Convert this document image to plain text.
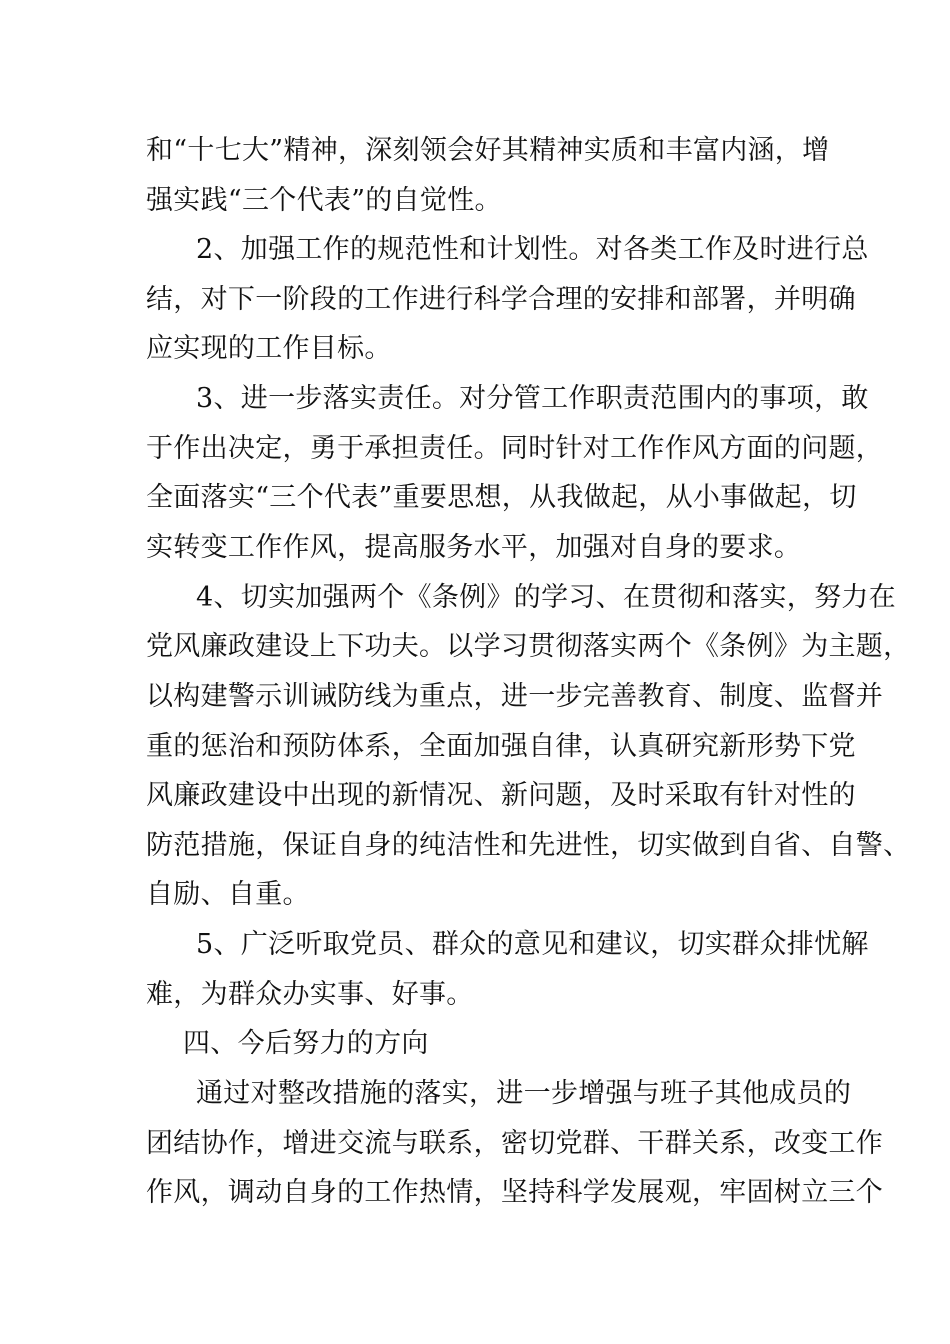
和“十七大”精神，深刻领会好其精神实质和丰富内涵，增
强实践“三个代表”的自觉性。
2、加强工作的规范性和计划性。对各类工作及时进行总
结，对下一阶段的工作进行科学合理的安排和部署，并明确
应实现的工作目标。
3、进一步落实责任。对分管工作职责范围内的事项，敢
于作出决定，勇于承担责任。同时针对工作作风方面的问题，
全面落实“三个代表”重要思想，从我做起，从小事做起，切
实转变工作作风，提高服务水平，加强对自身的要求。
4、切实加强两个《条例》的学习、在贯彻和落实，努力在
党风廉政建设上下功夫。以学习贯彻落实两个《条例》为主题，
以构建警示训诫防线为重点，进一步完善教育、制度、监督并
重的惩治和预防体系，全面加强自律，认真研究新形势下党
风廉政建设中出现的新情况、新问题，及时采取有针对性的
防范措施，保证自身的纯洁性和先进性，切实做到自省、自警、
自励、自重。
5、广泛听取党员、群众的意见和建议，切实群众排忧解
难，为群众办实事、好事。
四、今后努力的方向
通过对整改措施的落实，进一步增强与班子其他成员的
团结协作，增进交流与联系，密切党群、干群关系，改变工作
作风，调动自身的工作热情，坚持科学发展观，牢固树立三个
